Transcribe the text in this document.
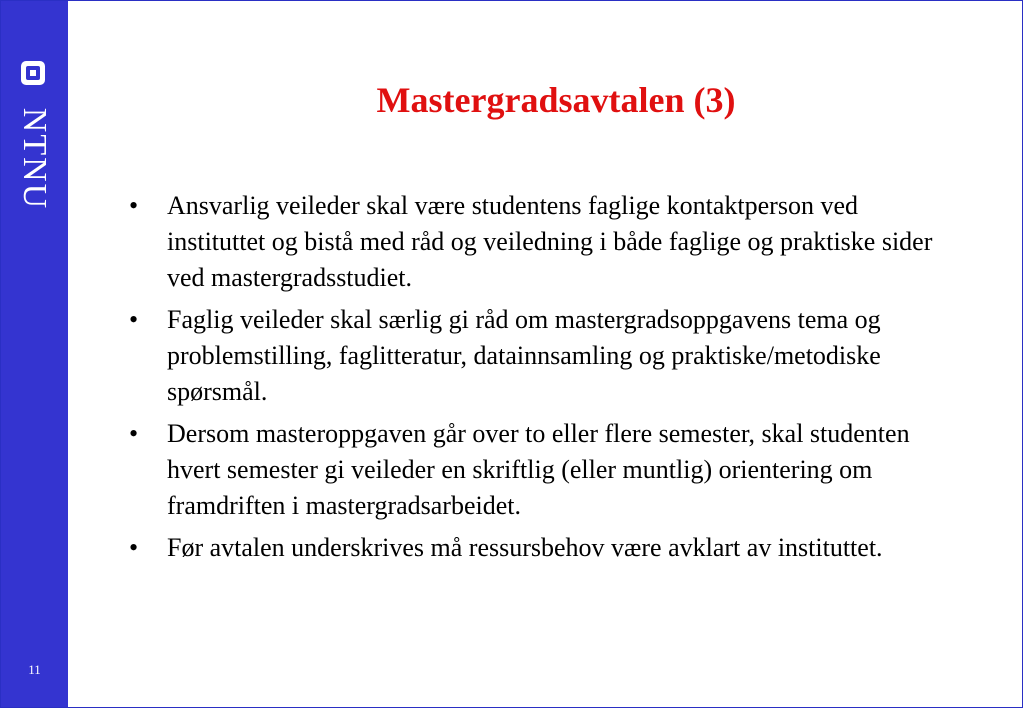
NTNU
11
Mastergradsavtalen (3)
• Ansvarlig veileder skal være studentens faglige kontaktperson ved instituttet og bistå med råd og veiledning i både faglige og praktiske sider ved mastergradsstudiet.
• Faglig veileder skal særlig gi råd om mastergradsoppgavens tema og problemstilling, faglitteratur, datainnsamling og praktiske/metodiske spørsmål.
• Dersom masteroppgaven går over to eller flere semester, skal studenten hvert semester gi veileder en skriftlig (eller muntlig) orientering om framdriften i mastergradsarbeidet.
• Før avtalen underskrives må ressursbehov være avklart av instituttet.
